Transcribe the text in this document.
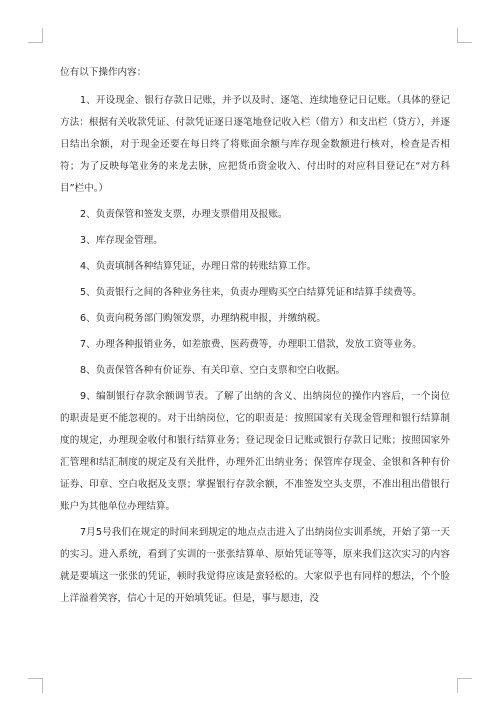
位有以下操作内容：

1、开设现金、银行存款日记账，并予以及时、逐笔、连续地登记日记账。（具体的登记方法：根据有关收款凭证、付款凭证逐日逐笔地登记收入栏（借方）和支出栏（贷方），并逐日结出余额，对于现金还要在每日终了将账面余额与库存现金数额进行核对，检查是否相符；为了反映每笔业务的来龙去脉，应把货币资金收入、付出时的对应科目登记在“对方科目”栏中。）

2、负责保管和签发支票，办理支票借用及报账。

3、库存现金管理。

4、负责填制各种结算凭证，办理日常的转账结算工作。

5、负责银行之间的各种业务往来，负责办理购买空白结算凭证和结算手续费等。

6、负责向税务部门购领发票，办理纳税申报，并缴纳税。

7、办理各种报销业务，如差旅费、医药费等，办理职工借款，发放工资等业务。

8、负责保管各种有价证券、有关印章、空白支票和空白收据。

9、编制银行存款余额调节表。了解了出纳的含义、出纳岗位的操作内容后，一个岗位的职责是更不能忽视的。对于出纳岗位，它的职责是：按照国家有关现金管理和银行结算制度的规定，办理现金收付和银行结算业务；登记现金日记账或银行存款日记账；按照国家外汇管理和结汇制度的规定及有关批件，办理外汇出纳业务；保管库存现金、金银和各种有价证券、印章、空白收据及支票；掌握银行存款余额，不准签发空头支票，不准出租出借银行账户为其他单位办理结算。

7月5号我们在规定的时间来到规定的地点点击进入了出纳岗位实训系统，开始了第一天的实习。进入系统，看到了实训的一张张结算单、原始凭证等等，原来我们这次实习的内容就是要填这一张张的凭证，顿时我觉得应该是蛮轻松的。大家似乎也有同样的想法，个个脸上洋溢着笑容，信心十足的开始填凭证。但是，事与愿违，没
